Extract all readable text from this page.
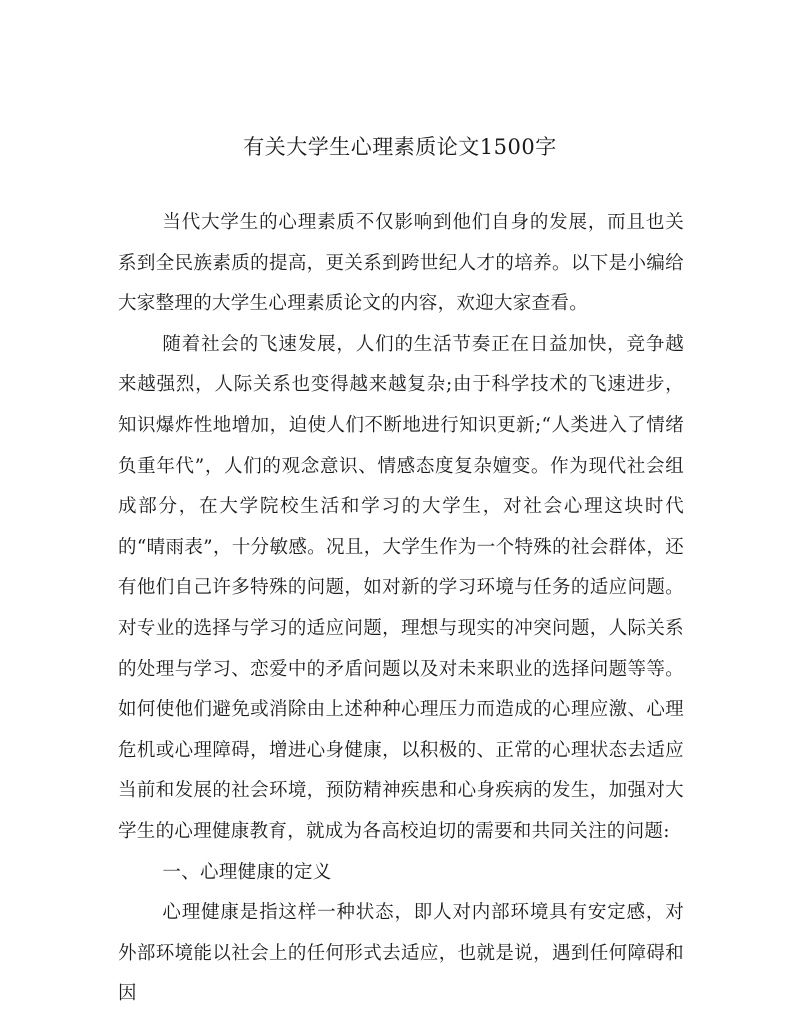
有关大学生心理素质论文1500字

当代大学生的心理素质不仅影响到他们自身的发展，而且也关系到全民族素质的提高，更关系到跨世纪人才的培养。以下是小编给大家整理的大学生心理素质论文的内容，欢迎大家查看。

随着社会的飞速发展，人们的生活节奏正在日益加快，竞争越来越强烈，人际关系也变得越来越复杂;由于科学技术的飞速进步，知识爆炸性地增加，迫使人们不断地进行知识更新;“人类进入了情绪负重年代”，人们的观念意识、情感态度复杂嬗变。作为现代社会组成部分，在大学院校生活和学习的大学生，对社会心理这块时代的“晴雨表”，十分敏感。况且，大学生作为一个特殊的社会群体，还有他们自己许多特殊的问题，如对新的学习环境与任务的适应问题。对专业的选择与学习的适应问题，理想与现实的冲突问题，人际关系的处理与学习、恋爱中的矛盾问题以及对未来职业的选择问题等等。如何使他们避免或消除由上述种种心理压力而造成的心理应激、心理危机或心理障碍，增进心身健康，以积极的、正常的心理状态去适应当前和发展的社会环境，预防精神疾患和心身疾病的发生，加强对大学生的心理健康教育，就成为各高校迫切的需要和共同关注的问题:

一、心理健康的定义

心理健康是指这样一种状态，即人对内部环境具有安定感，对外部环境能以社会上的任何形式去适应，也就是说，遇到任何障碍和因
